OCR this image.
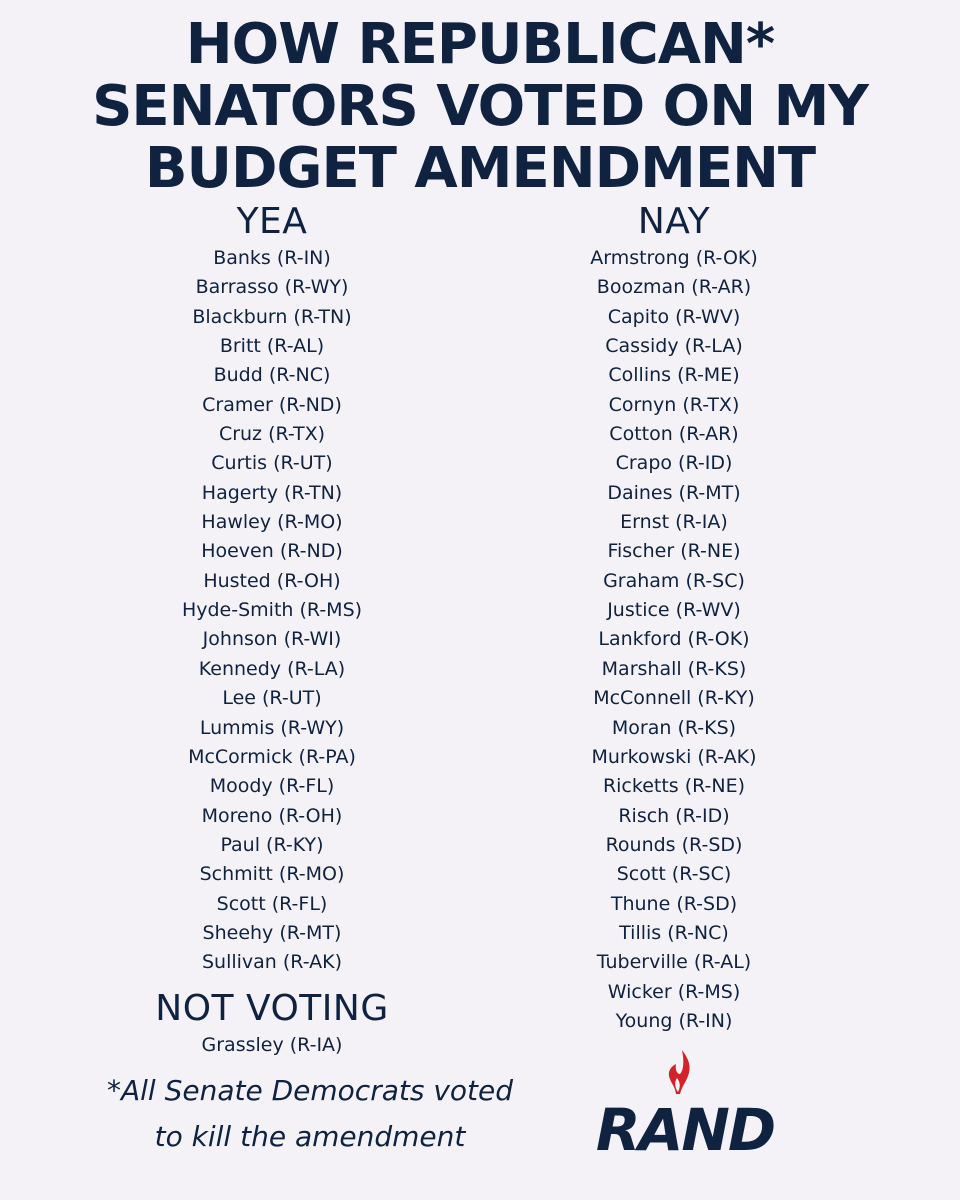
HOW REPUBLICAN*
SENATORS VOTED ON MY
BUDGET AMENDMENT
YEA
Banks (R-IN)
Barrasso (R-WY)
Blackburn (R-TN)
Britt (R-AL)
Budd (R-NC)
Cramer (R-ND)
Cruz (R-TX)
Curtis (R-UT)
Hagerty (R-TN)
Hawley (R-MO)
Hoeven (R-ND)
Husted (R-OH)
Hyde-Smith (R-MS)
Johnson (R-WI)
Kennedy (R-LA)
Lee (R-UT)
Lummis (R-WY)
McCormick (R-PA)
Moody (R-FL)
Moreno (R-OH)
Paul (R-KY)
Schmitt (R-MO)
Scott (R-FL)
Sheehy (R-MT)
Sullivan (R-AK)
NAY
Armstrong (R-OK)
Boozman (R-AR)
Capito (R-WV)
Cassidy (R-LA)
Collins (R-ME)
Cornyn (R-TX)
Cotton (R-AR)
Crapo (R-ID)
Daines (R-MT)
Ernst (R-IA)
Fischer (R-NE)
Graham (R-SC)
Justice (R-WV)
Lankford (R-OK)
Marshall (R-KS)
McConnell (R-KY)
Moran (R-KS)
Murkowski (R-AK)
Ricketts (R-NE)
Risch (R-ID)
Rounds (R-SD)
Scott (R-SC)
Thune (R-SD)
Tillis (R-NC)
Tuberville (R-AL)
Wicker (R-MS)
Young (R-IN)
NOT VOTING
Grassley (R-IA)
*All Senate Democrats voted
to kill the amendment	RAND
